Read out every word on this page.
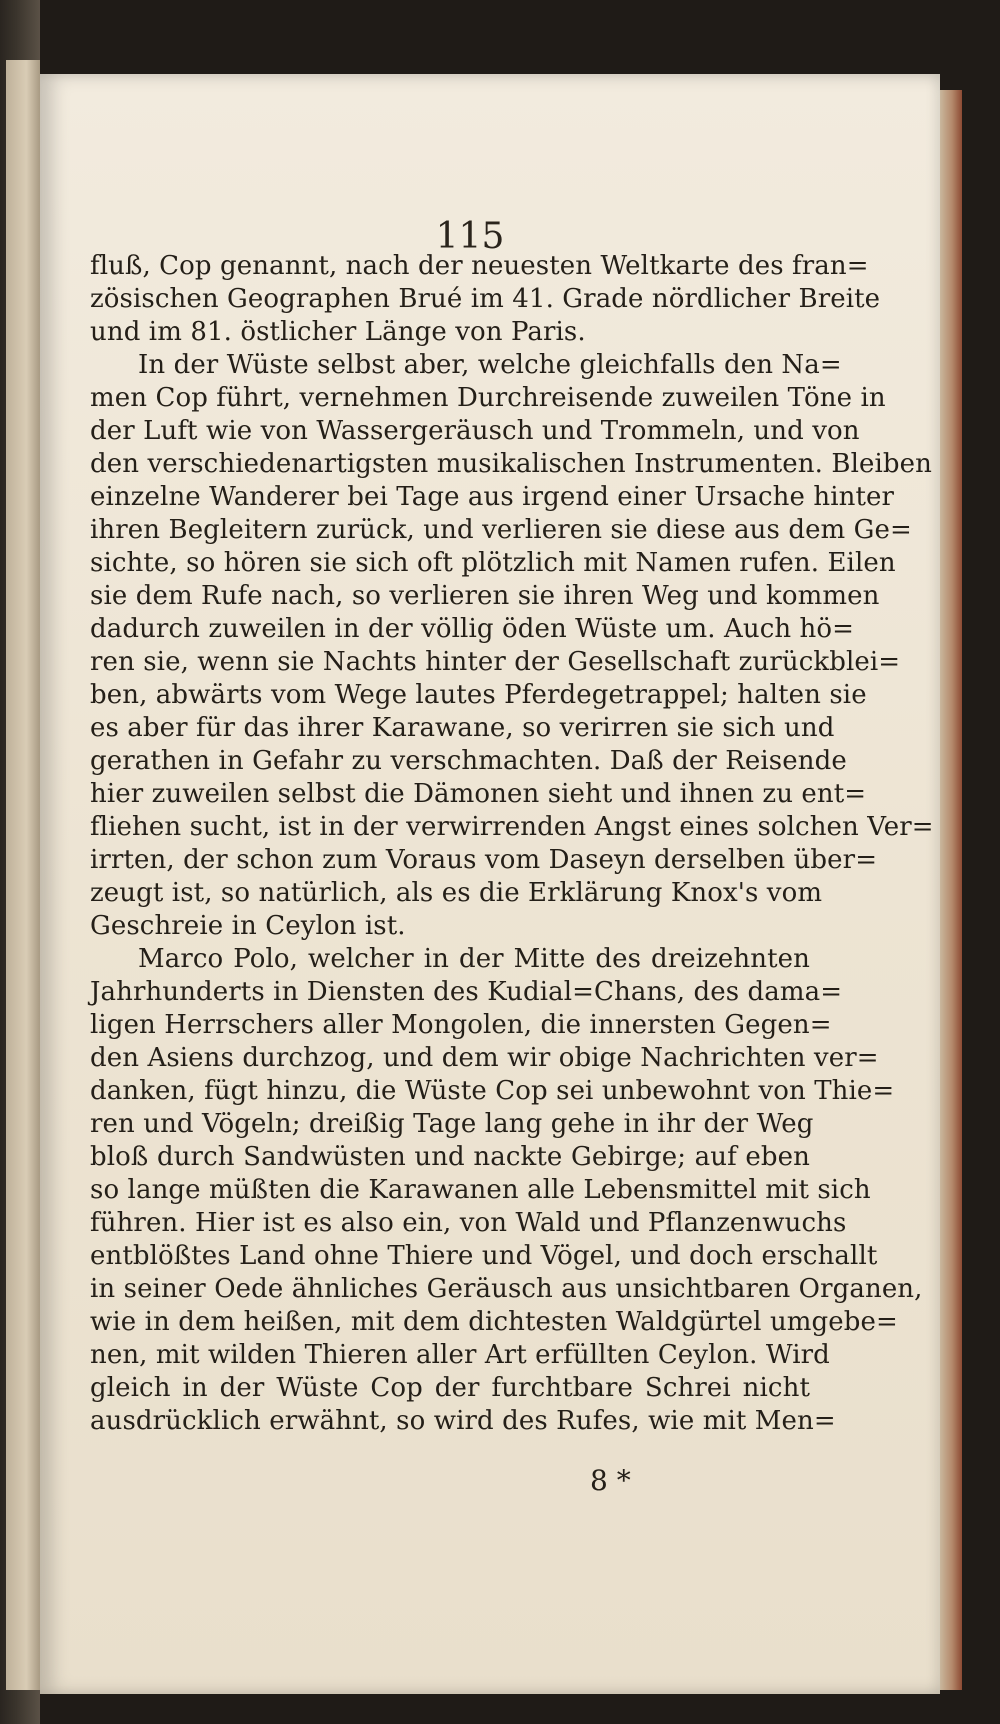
115
fluß, Cop genannt, nach der neuesten Weltkarte des fran=
zösischen Geographen Brué im 41. Grade nördlicher Breite
und im 81. östlicher Länge von Paris.
In der Wüste selbst aber, welche gleichfalls den Na=
men Cop führt, vernehmen Durchreisende zuweilen Töne in
der Luft wie von Wassergeräusch und Trommeln, und von
den verschiedenartigsten musikalischen Instrumenten. Bleiben
einzelne Wanderer bei Tage aus irgend einer Ursache hinter
ihren Begleitern zurück, und verlieren sie diese aus dem Ge=
sichte, so hören sie sich oft plötzlich mit Namen rufen. Eilen
sie dem Rufe nach, so verlieren sie ihren Weg und kommen
dadurch zuweilen in der völlig öden Wüste um. Auch hö=
ren sie, wenn sie Nachts hinter der Gesellschaft zurückblei=
ben, abwärts vom Wege lautes Pferdegetrappel; halten sie
es aber für das ihrer Karawane, so verirren sie sich und
gerathen in Gefahr zu verschmachten. Daß der Reisende
hier zuweilen selbst die Dämonen sieht und ihnen zu ent=
fliehen sucht, ist in der verwirrenden Angst eines solchen Ver=
irrten, der schon zum Voraus vom Daseyn derselben über=
zeugt ist, so natürlich, als es die Erklärung Knox's vom
Geschreie in Ceylon ist.
Marco Polo, welcher in der Mitte des dreizehnten
Jahrhunderts in Diensten des Kudial=Chans, des dama=
ligen Herrschers aller Mongolen, die innersten Gegen=
den Asiens durchzog, und dem wir obige Nachrichten ver=
danken, fügt hinzu, die Wüste Cop sei unbewohnt von Thie=
ren und Vögeln; dreißig Tage lang gehe in ihr der Weg
bloß durch Sandwüsten und nackte Gebirge; auf eben
so lange müßten die Karawanen alle Lebensmittel mit sich
führen. Hier ist es also ein, von Wald und Pflanzenwuchs
entblößtes Land ohne Thiere und Vögel, und doch erschallt
in seiner Oede ähnliches Geräusch aus unsichtbaren Organen,
wie in dem heißen, mit dem dichtesten Waldgürtel umgebe=
nen, mit wilden Thieren aller Art erfüllten Ceylon. Wird
gleich in der Wüste Cop der furchtbare Schrei nicht
ausdrücklich erwähnt, so wird des Rufes, wie mit Men=
8 *
